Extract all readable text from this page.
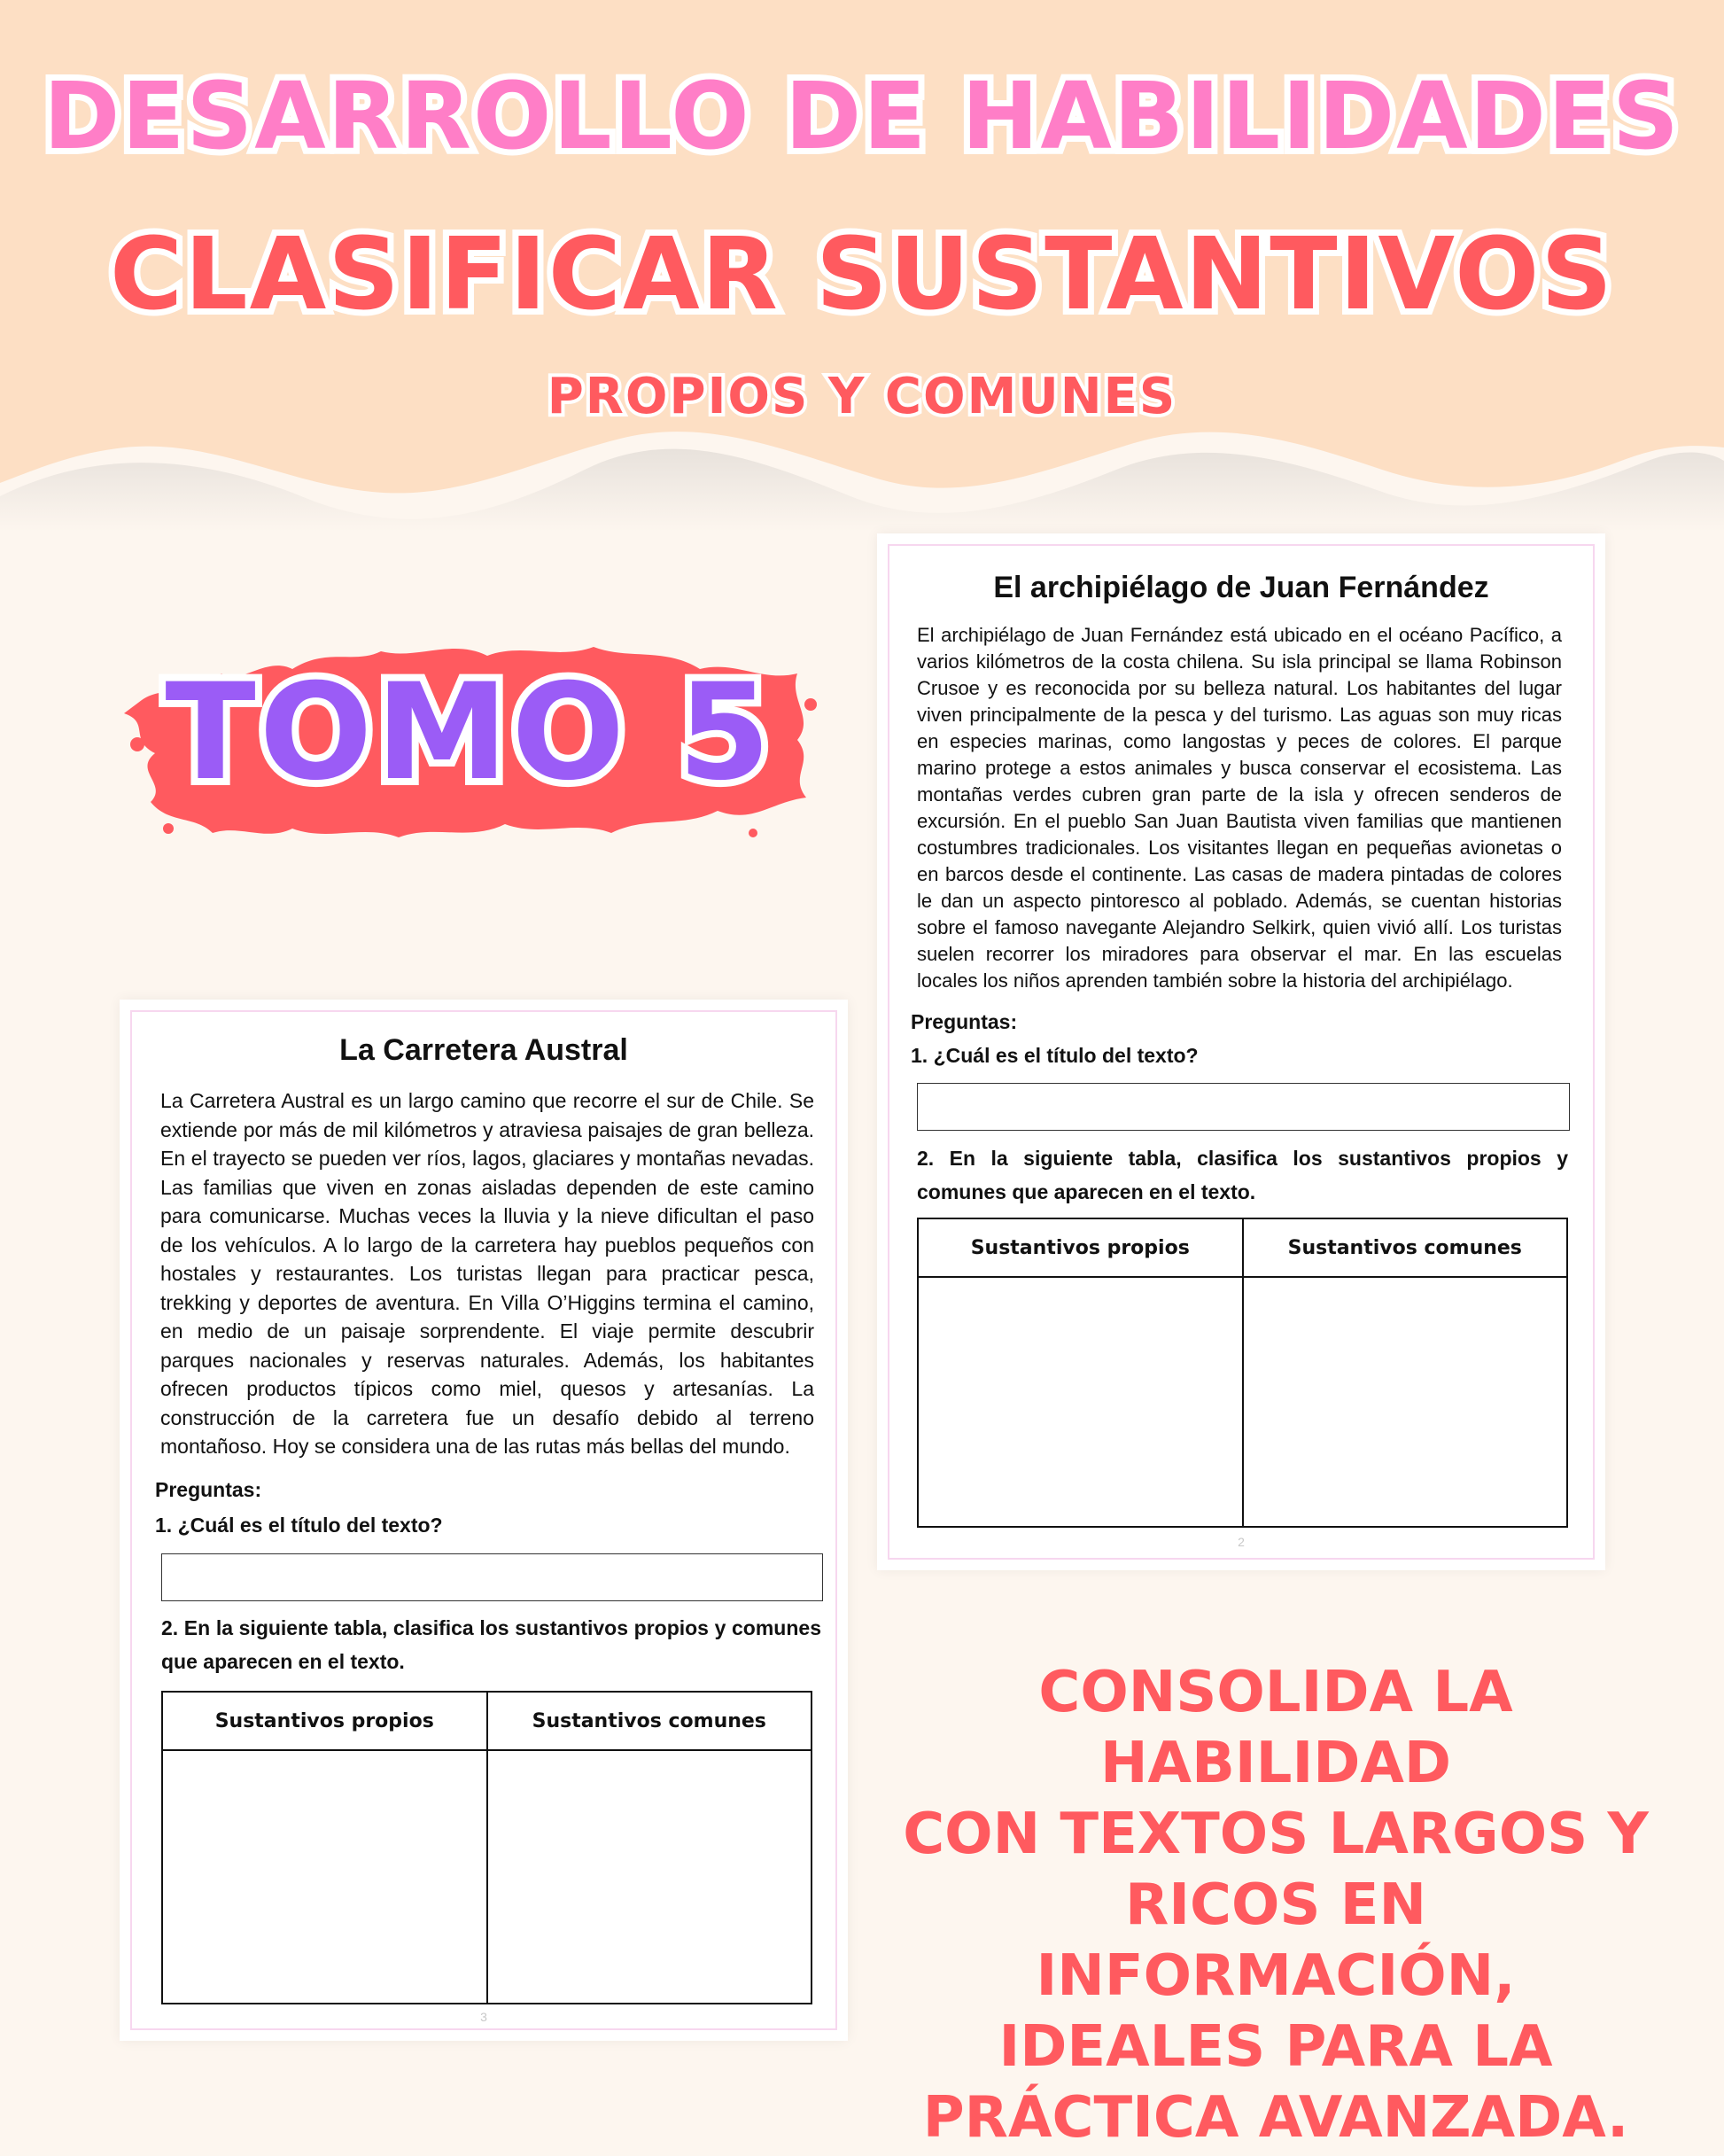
DESARROLLO DE HABILIDADES
CLASIFICAR SUSTANTIVOS
PROPIOS Y COMUNES
TOMO 5
El archipiélago de Juan Fernández
El archipiélago de Juan Fernández está ubicado en el océano Pacífico, a varios kilómetros de la costa chilena. Su isla principal se llama Robinson Crusoe y es reconocida por su belleza natural. Los habitantes del lugar viven principalmente de la pesca y del turismo. Las aguas son muy ricas en especies marinas, como langostas y peces de colores. El parque marino protege a estos animales y busca conservar el ecosistema. Las montañas verdes cubren gran parte de la isla y ofrecen senderos de excursión. En el pueblo San Juan Bautista viven familias que mantienen costumbres tradicionales. Los visitantes llegan en pequeñas avionetas o en barcos desde el continente. Las casas de madera pintadas de colores le dan un aspecto pintoresco al poblado. Además, se cuentan historias sobre el famoso navegante Alejandro Selkirk, quien vivió allí. Los turistas suelen recorrer los miradores para observar el mar. En las escuelas locales los niños aprenden también sobre la historia del archipiélago.
Preguntas:
1. ¿Cuál es el título del texto?
2. En la siguiente tabla, clasifica los sustantivos propios y comunes que aparecen en el texto.
Sustantivos propios	Sustantivos comunes

2
La Carretera Austral
La Carretera Austral es un largo camino que recorre el sur de Chile. Se extiende por más de mil kilómetros y atraviesa paisajes de gran belleza. En el trayecto se pueden ver ríos, lagos, glaciares y montañas nevadas. Las familias que viven en zonas aisladas dependen de este camino para comunicarse. Muchas veces la lluvia y la nieve dificultan el paso de los vehículos. A lo largo de la carretera hay pueblos pequeños con hostales y restaurantes. Los turistas llegan para practicar pesca, trekking y deportes de aventura. En Villa O’Higgins termina el camino, en medio de un paisaje sorprendente. El viaje permite descubrir parques nacionales y reservas naturales. Además, los habitantes ofrecen productos típicos como miel, quesos y artesanías. La construcción de la carretera fue un desafío debido al terreno montañoso. Hoy se considera una de las rutas más bellas del mundo.
Preguntas:
1. ¿Cuál es el título del texto?
2. En la siguiente tabla, clasifica los sustantivos propios y comunes que aparecen en el texto.
Sustantivos propios	Sustantivos comunes

3
CONSOLIDA LA HABILIDAD
CON TEXTOS LARGOS Y
RICOS EN INFORMACIÓN,
IDEALES PARA LA
PRÁCTICA AVANZADA.
